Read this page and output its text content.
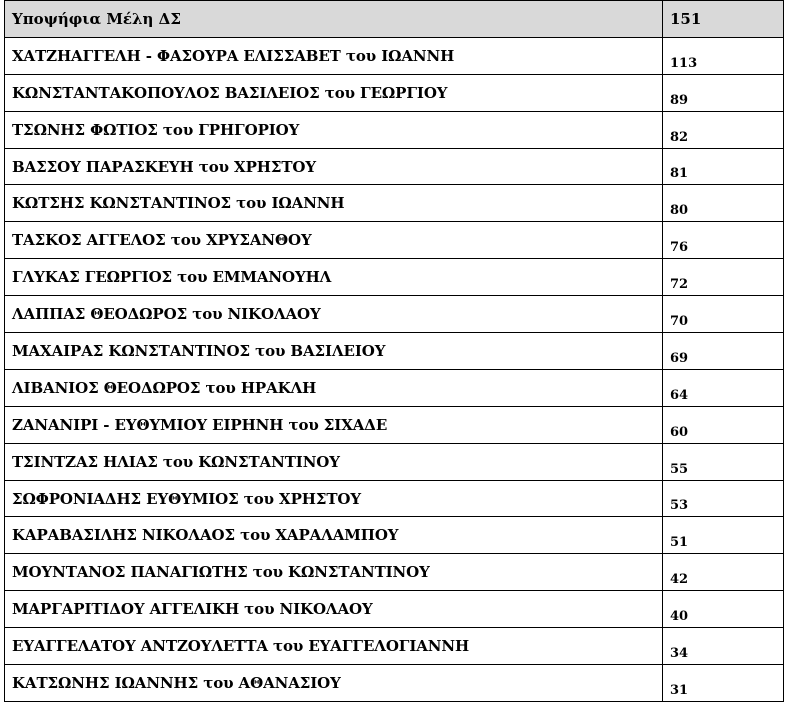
Υποψήφια Μέλη ΔΣ	151
ΧΑΤΖΗΑΓΓΕΛΗ - ΦΑΣΟΥΡΑ ΕΛΙΣΣΑΒΕΤ του ΙΩΑΝΝΗ	113
ΚΩΝΣΤΑΝΤΑΚΟΠΟΥΛΟΣ ΒΑΣΙΛΕΙΟΣ του ΓΕΩΡΓΙΟΥ	89
ΤΣΩΝΗΣ ΦΩΤΙΟΣ του ΓΡΗΓΟΡΙΟΥ	82
ΒΑΣΣΟΥ ΠΑΡΑΣΚΕΥΗ του ΧΡΗΣΤΟΥ	81
ΚΩΤΣΗΣ ΚΩΝΣΤΑΝΤΙΝΟΣ του ΙΩΑΝΝΗ	80
ΤΑΣΚΟΣ ΑΓΓΕΛΟΣ του ΧΡΥΣΑΝΘΟΥ	76
ΓΛΥΚΑΣ ΓΕΩΡΓΙΟΣ του ΕΜΜΑΝΟΥΗΛ	72
ΛΑΠΠΑΣ ΘΕΟΔΩΡΟΣ του ΝΙΚΟΛΑΟΥ	70
ΜΑΧΑΙΡΑΣ ΚΩΝΣΤΑΝΤΙΝΟΣ του ΒΑΣΙΛΕΙΟΥ	69
ΛΙΒΑΝΙΟΣ ΘΕΟΔΩΡΟΣ του ΗΡΑΚΛΗ	64
ΖΑΝΑΝΙΡΙ - ΕΥΘΥΜΙΟΥ ΕΙΡΗΝΗ του ΣΙΧΑΔΕ	60
ΤΣΙΝΤΖΑΣ ΗΛΙΑΣ του ΚΩΝΣΤΑΝΤΙΝΟΥ	55
ΣΩΦΡΟΝΙΑΔΗΣ ΕΥΘΥΜΙΟΣ του ΧΡΗΣΤΟΥ	53
ΚΑΡΑΒΑΣΙΛΗΣ ΝΙΚΟΛΑΟΣ του ΧΑΡΑΛΑΜΠΟΥ	51
ΜΟΥΝΤΑΝΟΣ ΠΑΝΑΓΙΩΤΗΣ του ΚΩΝΣΤΑΝΤΙΝΟΥ	42
ΜΑΡΓΑΡΙΤΙΔΟΥ ΑΓΓΕΛΙΚΗ του ΝΙΚΟΛΑΟΥ	40
ΕΥΑΓΓΕΛΑΤΟΥ ΑΝΤΖΟΥΛΕΤΤΑ του ΕΥΑΓΓΕΛΟΓΙΑΝΝΗ	34
ΚΑΤΣΩΝΗΣ ΙΩΑΝΝΗΣ του ΑΘΑΝΑΣΙΟΥ	31
